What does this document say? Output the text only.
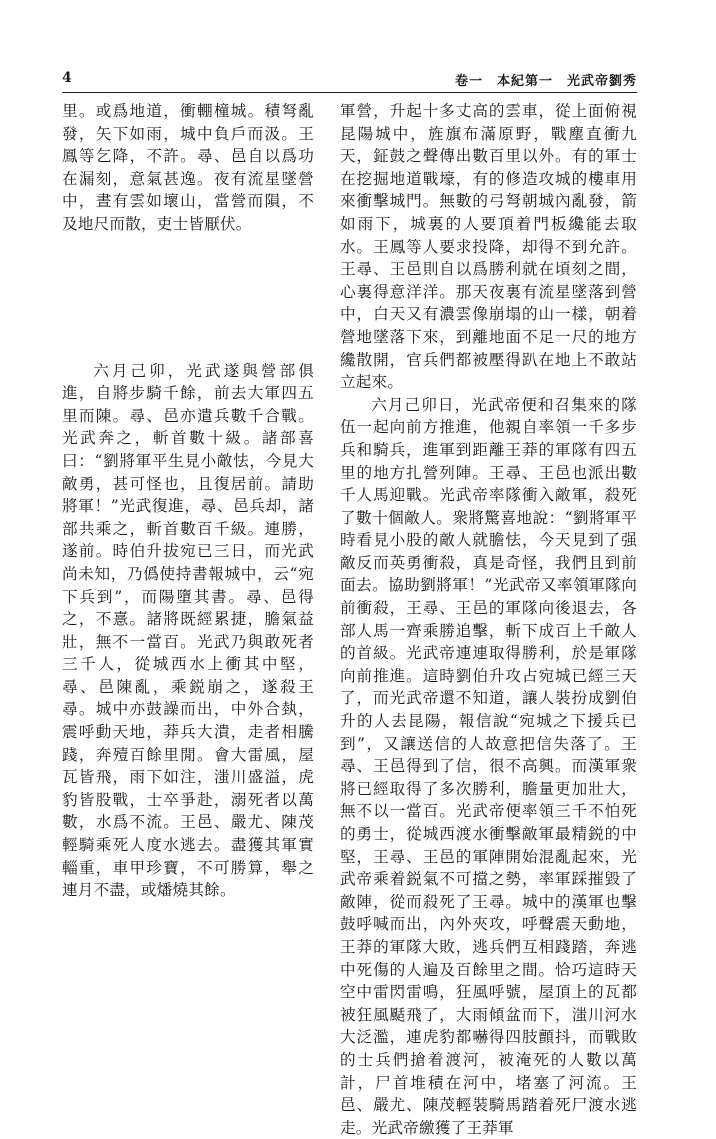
4	卷一　本紀第一　光武帝劉秀

里。或爲地道，衝輣橦城。積弩亂發，矢下如雨，城中負戶而汲。王鳳等乞降，不許。尋、邑自以爲功在漏刻，意氣甚逸。夜有流星墜營中，晝有雲如壞山，當營而隕，不及地尺而散，吏士皆厭伏。

六月己卯，光武遂與營部俱進，自將步騎千餘，前去大軍四五里而陳。尋、邑亦遣兵數千合戰。光武奔之，斬首數十級。諸部喜曰：“劉將軍平生見小敵怯，今見大敵勇，甚可怪也，且復居前。請助將軍！”光武復進，尋、邑兵却，諸部共乘之，斬首數百千級。連勝，遂前。時伯升拔宛已三日，而光武尚未知，乃僞使持書報城中，云“宛下兵到”，而陽墮其書。尋、邑得之，不憙。諸將既經累捷，膽氣益壯，無不一當百。光武乃與敢死者三千人，從城西水上衝其中堅，尋、邑陳亂，乘鋭崩之，遂殺王尋。城中亦鼓譟而出，中外合埶，震呼動天地，莽兵大潰，走者相騰踐，奔殪百餘里閒。會大雷風，屋瓦皆飛，雨下如注，滍川盛溢，虎豹皆股戰，士卒爭赴，溺死者以萬數，水爲不流。王邑、嚴尤、陳茂輕騎乘死人度水逃去。盡獲其軍實輜重，車甲珍寶，不可勝算，舉之連月不盡，或燔燒其餘。

軍營，升起十多丈高的雲車，從上面俯視昆陽城中，旌旗布滿原野，戰塵直衝九天，鉦鼓之聲傳出數百里以外。有的軍士在挖掘地道戰壕，有的修造攻城的樓車用來衝擊城門。無數的弓弩朝城內亂發，箭如雨下，城裏的人要頂着門板纔能去取水。王鳳等人要求投降，却得不到允許。王尋、王邑則自以爲勝利就在頃刻之間，心裏得意洋洋。那天夜裏有流星墜落到營中，白天又有濃雲像崩塌的山一樣，朝着營地墜落下來，到離地面不足一尺的地方纔散開，官兵們都被壓得趴在地上不敢站立起來。

六月己卯日，光武帝便和召集來的隊伍一起向前方推進，他親自率領一千多步兵和騎兵，進軍到距離王莽的軍隊有四五里的地方扎營列陣。王尋、王邑也派出數千人馬迎戰。光武帝率隊衝入敵軍，殺死了數十個敵人。衆將驚喜地說：“劉將軍平時看見小股的敵人就膽怯，今天見到了强敵反而英勇衝殺，真是奇怪，我們且到前面去。協助劉將軍！”光武帝又率領軍隊向前衝殺，王尋、王邑的軍隊向後退去，各部人馬一齊乘勝追擊，斬下成百上千敵人的首級。光武帝連連取得勝利，於是軍隊向前推進。這時劉伯升攻占宛城已經三天了，而光武帝還不知道，讓人裝扮成劉伯升的人去昆陽，報信說“宛城之下援兵已到”，又讓送信的人故意把信失落了。王尋、王邑得到了信，很不高興。而漢軍衆將已經取得了多次勝利，膽量更加壯大，無不以一當百。光武帝便率領三千不怕死的勇士，從城西渡水衝擊敵軍最精鋭的中堅，王尋、王邑的軍陣開始混亂起來，光武帝乘着鋭氣不可擋之勢，率軍踩摧毀了敵陣，從而殺死了王尋。城中的漢軍也擊鼓呼喊而出，內外夾攻，呼聲震天動地，王莽的軍隊大敗，逃兵們互相踐踏，奔逃中死傷的人遍及百餘里之間。恰巧這時天空中雷閃雷鳴，狂風呼號，屋頂上的瓦都被狂風颳飛了，大雨傾盆而下，滍川河水大泛濫，連虎豹都嚇得四肢顫抖，而戰敗的士兵們搶着渡河，被淹死的人數以萬計，尸首堆積在河中，堵塞了河流。王邑、嚴尤、陳茂輕裝騎馬踏着死尸渡水逃走。光武帝繳獲了王莽軍
